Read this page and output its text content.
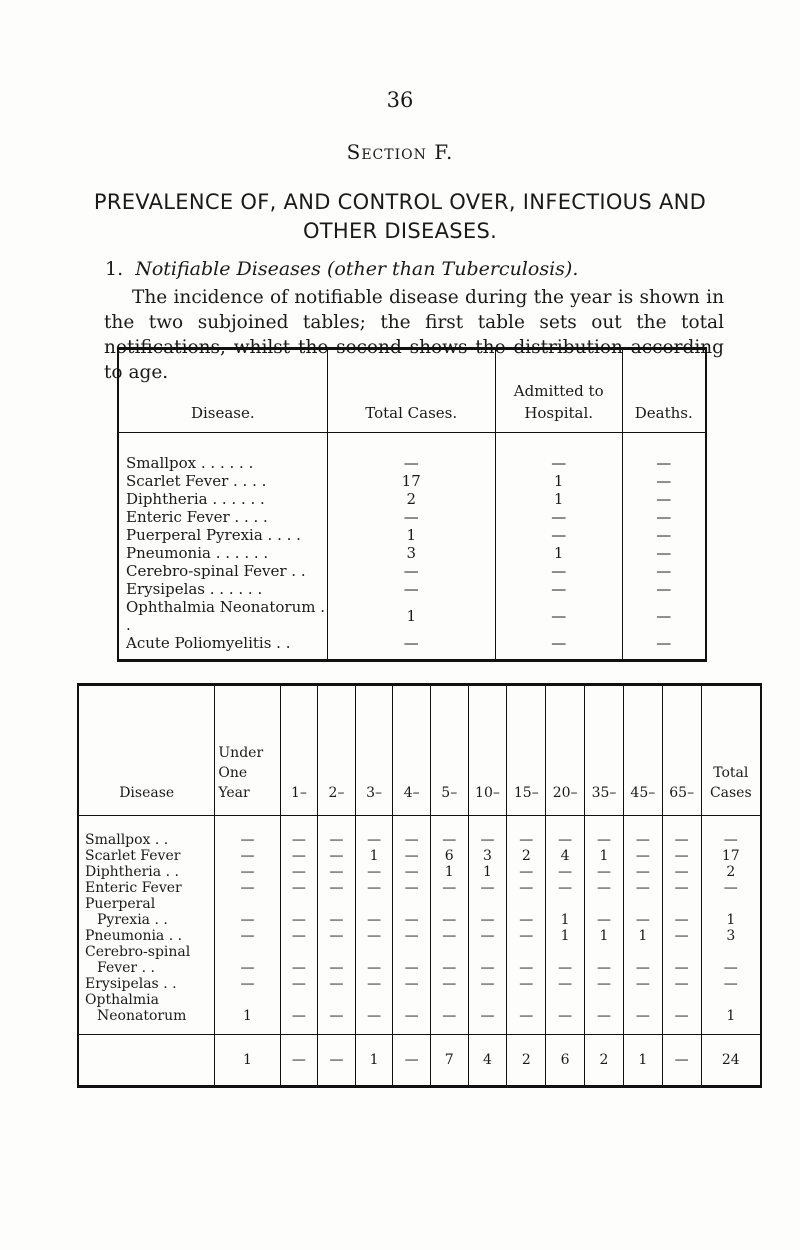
36
Section F.
PREVALENCE OF, AND CONTROL OVER, INFECTIOUS AND OTHER DISEASES.
1. Notifiable Diseases (other than Tuberculosis).
The incidence of notifiable disease during the year is shown in the two subjoined tables; the first table sets out the total notifications, whilst the second shows the distribution according to age.
Disease.	Total Cases.	Admitted to Hospital.	Deaths.
Smallpox . . . . . .	—	—	—
Scarlet Fever . . . .	17	1	—
Diphtheria . . . . . .	2	1	—
Enteric Fever . . . .	—	—	—
Puerperal Pyrexia . . . .	1	—	—
Pneumonia . . . . . .	3	1	—
Cerebro-spinal Fever . .	—	—	—
Erysipelas . . . . . .	—	—	—
Ophthalmia Neonatorum . .	1	—	—
Acute Poliomyelitis . .	—	—	—
Disease	Under One Year	1–	2–	3–	4–	5–	10–	15–	20–	35–	45–	65–	Total Cases

Smallpox . .	—	—	—	—	—	—	—	—	—	—	—	—	—

Scarlet Fever	—	—	—	1	—	6	3	2	4	1	—	—	17

Diphtheria . .	—	—	—	—	—	1	1	—	—	—	—	—	2

Enteric Fever	—	—	—	—	—	—	—	—	—	—	—	—	—

Puerperal
Pyrexia . .	—	—	—	—	—	—	—	—	1	—	—	—	1

Pneumonia . .	—	—	—	—	—	—	—	—	1	1	1	—	3

Cerebro-spinal
Fever . .	—	—	—	—	—	—	—	—	—	—	—	—	—

Erysipelas . .	—	—	—	—	—	—	—	—	—	—	—	—	—

Opthalmia
Neonatorum	1	—	—	—	—	—	—	—	—	—	—	—	1
	1	—	—	1	—	7	4	2	6	2	1	—	24
